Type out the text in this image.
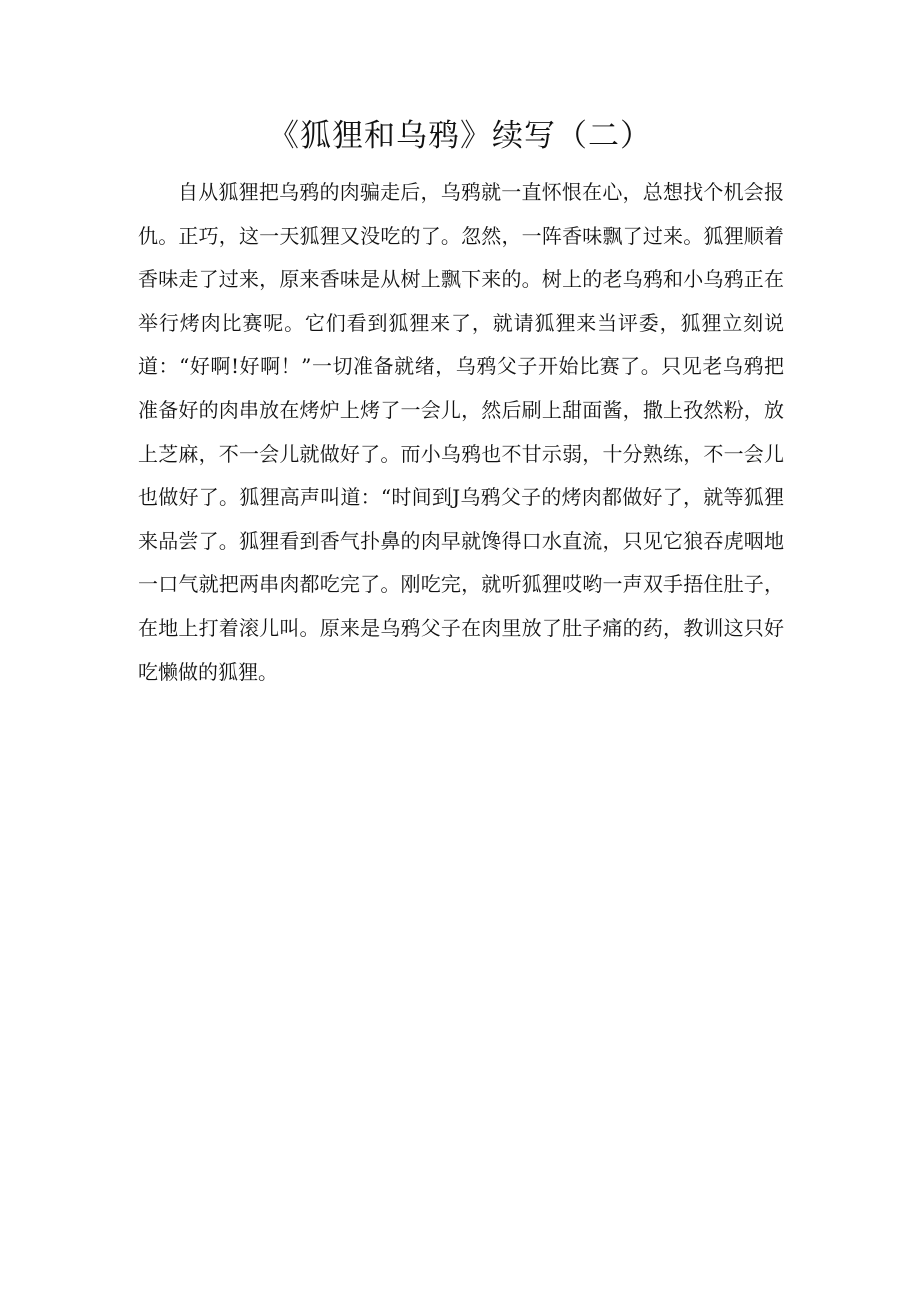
《狐狸和乌鸦》续写（二）

自从狐狸把乌鸦的肉骗走后，乌鸦就一直怀恨在心，总想找个机会报仇。正巧，这一天狐狸又没吃的了。忽然，一阵香味飘了过来。狐狸顺着香味走了过来，原来香味是从树上飘下来的。树上的老乌鸦和小乌鸦正在举行烤肉比赛呢。它们看到狐狸来了，就请狐狸来当评委，狐狸立刻说道：“好啊!好啊！”一切准备就绪，乌鸦父子开始比赛了。只见老乌鸦把准备好的肉串放在烤炉上烤了一会儿，然后刷上甜面酱，撒上孜然粉，放上芝麻，不一会儿就做好了。而小乌鸦也不甘示弱，十分熟练，不一会儿也做好了。狐狸高声叫道：“时间到J乌鸦父子的烤肉都做好了，就等狐狸来品尝了。狐狸看到香气扑鼻的肉早就馋得口水直流，只见它狼吞虎咽地一口气就把两串肉都吃完了。刚吃完，就听狐狸哎哟一声双手捂住肚子，在地上打着滚儿叫。原来是乌鸦父子在肉里放了肚子痛的药，教训这只好吃懒做的狐狸。
